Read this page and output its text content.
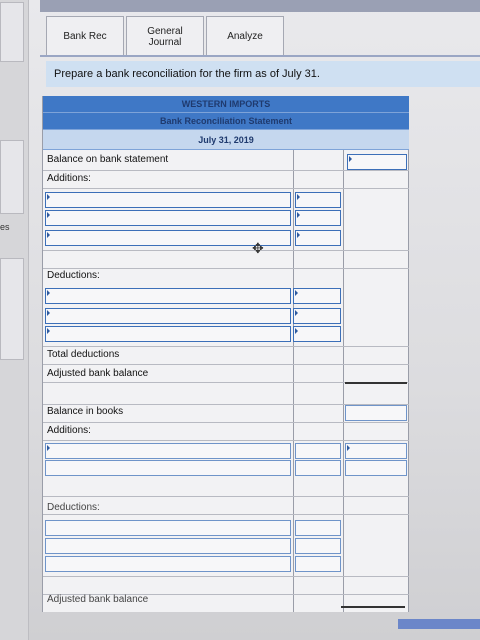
es
Bank Rec	General
Journal	Analyze
Prepare a bank reconciliation for the firm as of July 31.
WESTERN IMPORTS
Bank Reconciliation Statement
July 31, 2019
Balance on bank statement
Additions:
Deductions:
Total deductions
Adjusted bank balance
Balance in books
Additions:
Deductions:
Adjusted bank balance
✥
